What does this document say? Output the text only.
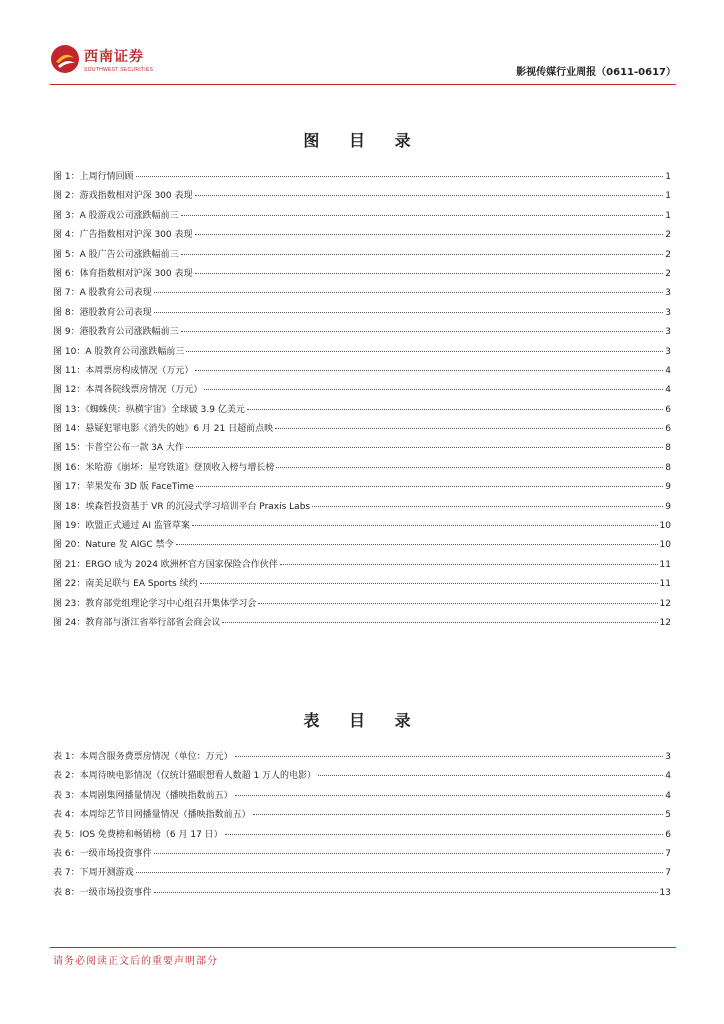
西南证券
SOUTHWEST SECURITIES	影视传媒行业周报（0611-0617）
图 目 录
图 1：上周行情回顾	1
图 2：游戏指数相对沪深 300 表现	1
图 3：A 股游戏公司涨跌幅前三	1
图 4：广告指数相对沪深 300 表现	2
图 5：A 股广告公司涨跌幅前三	2
图 6：体育指数相对沪深 300 表现	2
图 7：A 股教育公司表现	3
图 8：港股教育公司表现	3
图 9：港股教育公司涨跌幅前三	3
图 10：A 股教育公司涨跌幅前三	3
图 11：本周票房构成情况（万元）	4
图 12：本周各院线票房情况（万元）	4
图 13：《蜘蛛侠：纵横宇宙》全球破 3.9 亿美元	6
图 14：悬疑犯罪电影《消失的她》6 月 21 日超前点映	6
图 15：卡普空公布一款 3A 大作	8
图 16：米哈游《崩坏：星穹铁道》登顶收入榜与增长榜	8
图 17：苹果发布 3D 版 FaceTime	9
图 18：埃森哲投资基于 VR 的沉浸式学习培训平台 Praxis Labs	9
图 19：欧盟正式通过 AI 监管草案	10
图 20：Nature 发 AIGC 禁令	10
图 21：ERGO 成为 2024 欧洲杯官方国家保险合作伙伴	11
图 22：南美足联与 EA Sports 续约	11
图 23：教育部党组理论学习中心组召开集体学习会	12
图 24：教育部与浙江省举行部省会商会议	12
表 目 录
表 1：本周含服务费票房情况（单位：万元）	3
表 2：本周待映电影情况（仅统计猫眼想看人数超 1 万人的电影）	4
表 3：本周剧集网播量情况（播映指数前五）	4
表 4：本周综艺节目网播量情况（播映指数前五）	5
表 5：IOS 免费榜和畅销榜（6 月 17 日）	6
表 6：一级市场投资事件	7
表 7：下周开测游戏	7
表 8：一级市场投资事件	13
请务必阅读正文后的重要声明部分
